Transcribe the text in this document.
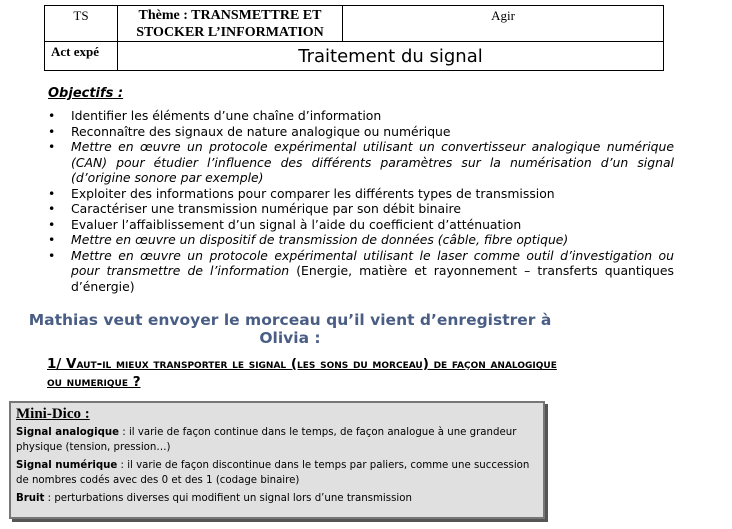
TS	Thème : TRANSMETTRE ET STOCKER L’INFORMATION	Agir
Act expé	Traitement du signal	
Objectifs :
• Identifier les éléments d’une chaîne d’information
• Reconnaître des signaux de nature analogique ou numérique
• Mettre en œuvre un protocole expérimental utilisant un convertisseur analogique numérique (CAN) pour étudier l’influence des différents paramètres sur la numérisation d’un signal (d’origine sonore par exemple)
• Exploiter des informations pour comparer les différents types de transmission
• Caractériser une transmission numérique par son débit binaire
• Evaluer l’affaiblissement d’un signal à l’aide du coefficient d’atténuation
• Mettre en œuvre un dispositif de transmission de données (câble, fibre optique)
• Mettre en œuvre un protocole expérimental utilisant le laser comme outil d’investigation ou pour transmettre de l’information (Energie, matière et rayonnement – transferts quantiques d’énergie)
Mathias veut envoyer le morceau qu’il vient d’enregistrer à Olivia :
1/ Vaut-il mieux transporter le signal (les sons du morceau) de façon analogique ou numerique ?
Mini-Dico :

Signal analogique : il varie de façon continue dans le temps, de façon analogue à une grandeur physique (tension, pression…)

Signal numérique : il varie de façon discontinue dans le temps par paliers, comme une succession de nombres codés avec des 0 et des 1 (codage binaire)

Bruit : perturbations diverses qui modifient un signal lors d’une transmission
